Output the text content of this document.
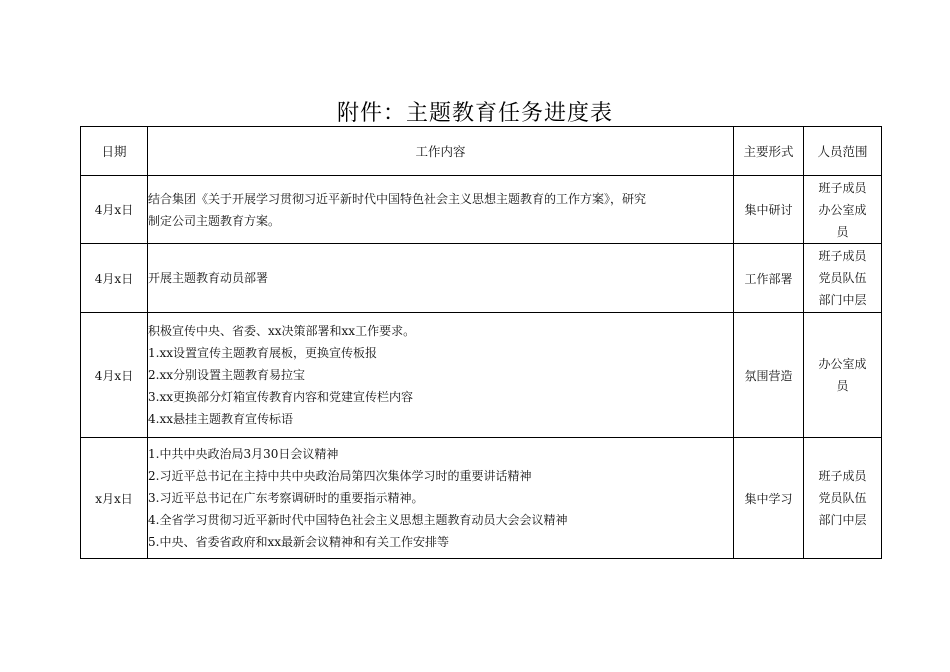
附件：主题教育任务进度表
日期	工作内容	主要形式	人员范围
4月x日	结合集团《关于开展学习贯彻习近平新时代中国特色社会主义思想主题教育的工作方案》，研究
制定公司主题教育方案。	集中研讨	班子成员
办公室成
员

4月x日	开展主题教育动员部署	工作部署	班子成员
党员队伍
部门中层

4月x日	积极宣传中央、省委、xx决策部署和xx工作要求。
1.xx设置宣传主题教育展板，更换宣传板报
2.xx分别设置主题教育易拉宝
3.xx更换部分灯箱宣传教育内容和党建宣传栏内容
4.xx悬挂主题教育宣传标语	氛围营造	办公室成
员

x月x日	1.中共中央政治局3月30日会议精神
2.习近平总书记在主持中共中央政治局第四次集体学习时的重要讲话精神
3.习近平总书记在广东考察调研时的重要指示精神。
4.全省学习贯彻习近平新时代中国特色社会主义思想主题教育动员大会会议精神
5.中央、省委省政府和xx最新会议精神和有关工作安排等	集中学习	班子成员
党员队伍
部门中层
